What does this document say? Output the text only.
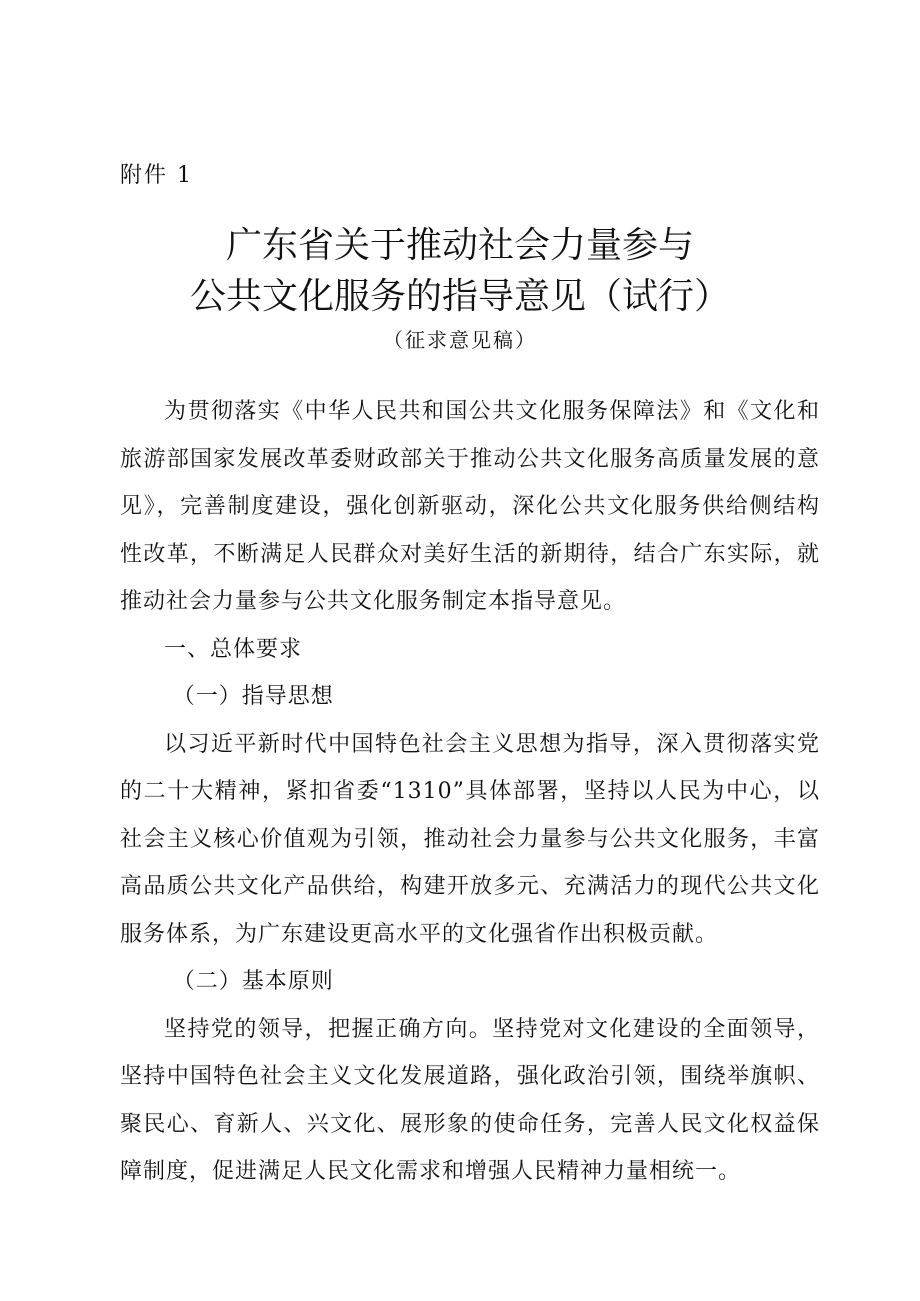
附件 1
广东省关于推动社会力量参与
公共文化服务的指导意见（试行）
（征求意见稿）

为贯彻落实《中华人民共和国公共文化服务保障法》和《文化和旅游部国家发展改革委财政部关于推动公共文化服务高质量发展的意见》，完善制度建设，强化创新驱动，深化公共文化服务供给侧结构性改革，不断满足人民群众对美好生活的新期待，结合广东实际，就推动社会力量参与公共文化服务制定本指导意见。

一、总体要求

（一）指导思想

以习近平新时代中国特色社会主义思想为指导，深入贯彻落实党的二十大精神，紧扣省委“1310”具体部署，坚持以人民为中心，以社会主义核心价值观为引领，推动社会力量参与公共文化服务，丰富高品质公共文化产品供给，构建开放多元、充满活力的现代公共文化服务体系，为广东建设更高水平的文化强省作出积极贡献。

（二）基本原则

坚持党的领导，把握正确方向。坚持党对文化建设的全面领导，坚持中国特色社会主义文化发展道路，强化政治引领，围绕举旗帜、聚民心、育新人、兴文化、展形象的使命任务，完善人民文化权益保障制度，促进满足人民文化需求和增强人民精神力量相统一。
